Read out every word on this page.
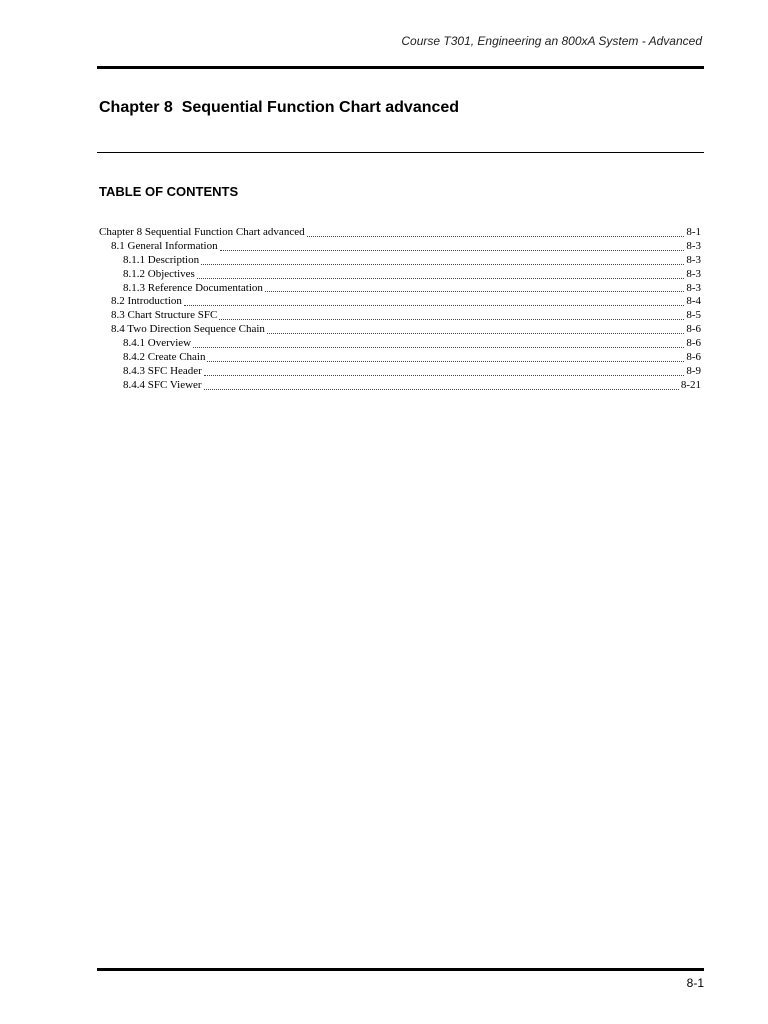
Course T301, Engineering an 800xA System - Advanced
Chapter 8  Sequential Function Chart advanced
TABLE OF CONTENTS
Chapter 8 Sequential Function Chart advanced	8-1
8.1 General Information	8-3
8.1.1 Description	8-3
8.1.2 Objectives	8-3
8.1.3 Reference Documentation	8-3
8.2 Introduction	8-4
8.3 Chart Structure SFC	8-5
8.4 Two Direction Sequence Chain	8-6
8.4.1 Overview	8-6
8.4.2 Create Chain	8-6
8.4.3 SFC Header	8-9
8.4.4 SFC Viewer	8-21
8-1
